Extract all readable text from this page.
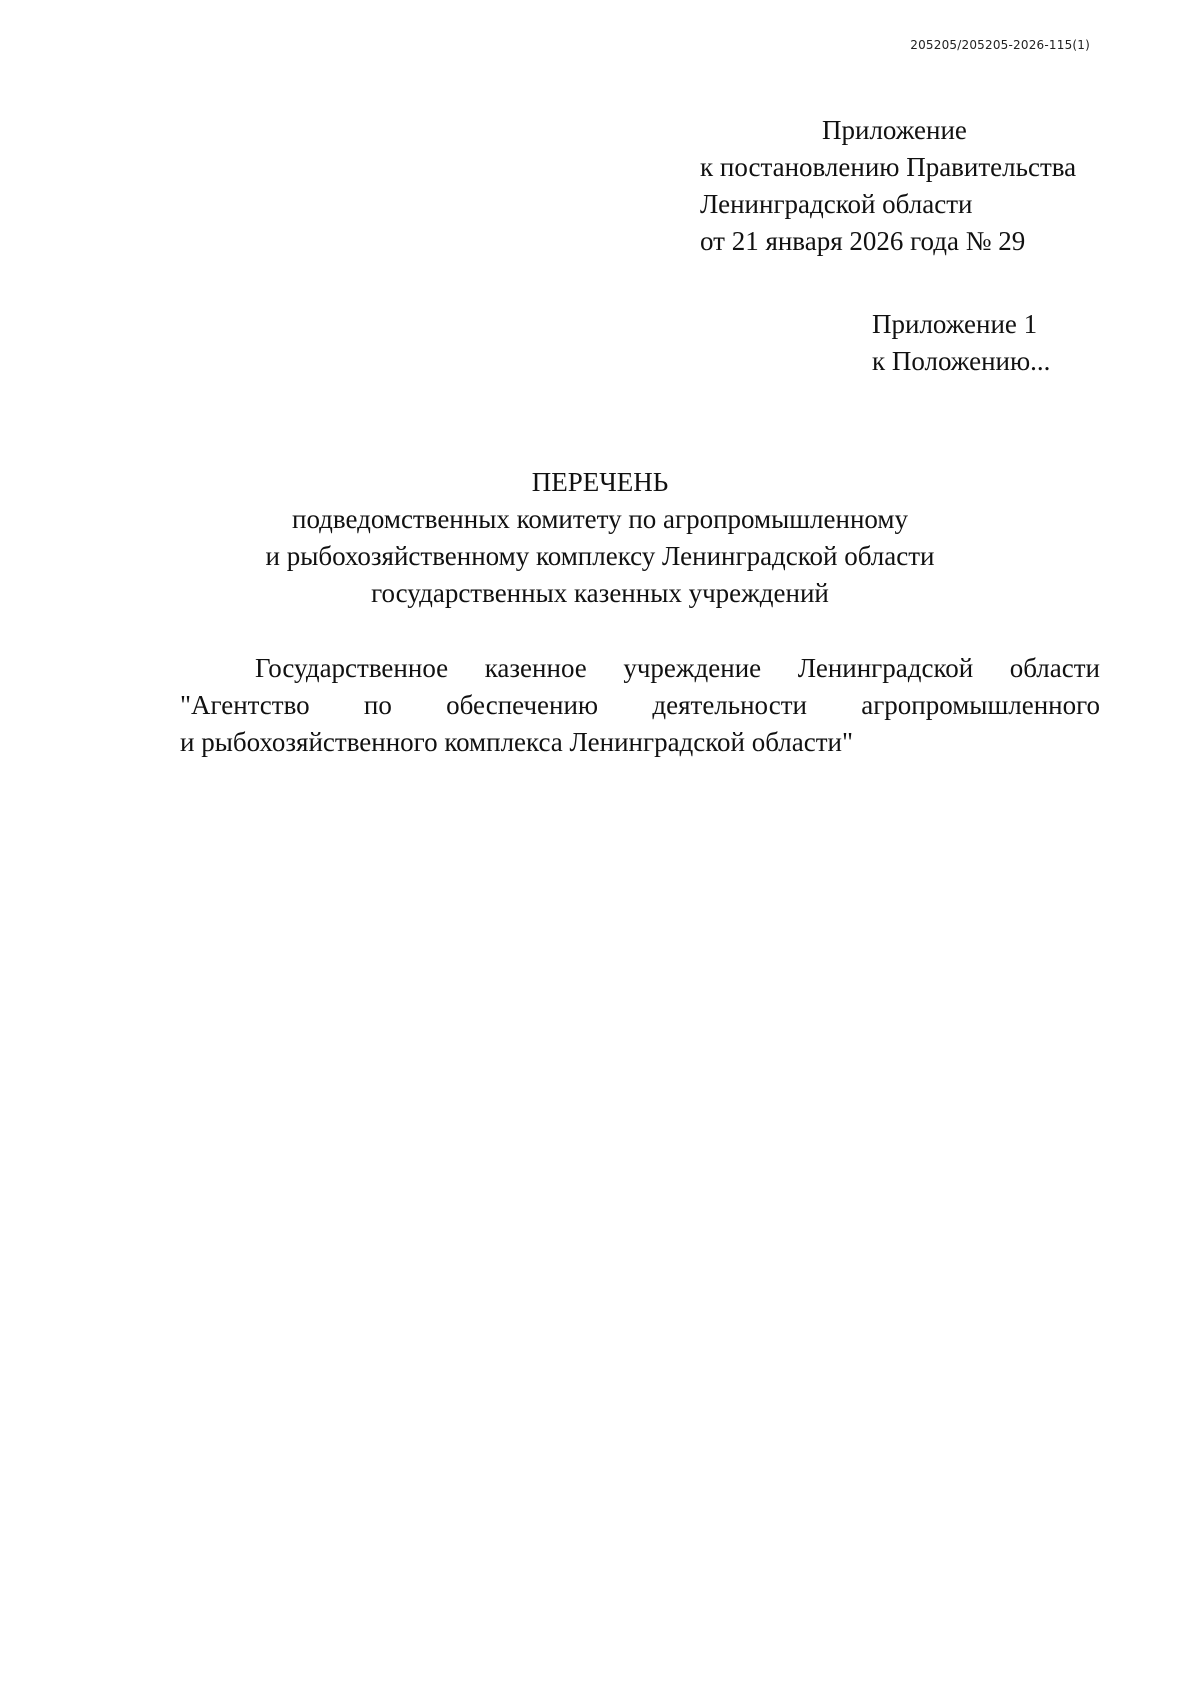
205205/205205-2026-115(1)
Приложение
к постановлению Правительства
Ленинградской области
от 21 января 2026 года № 29
Приложение 1
к Положению...
ПЕРЕЧЕНЬ
подведомственных комитету по агропромышленному
и рыбохозяйственному комплексу Ленинградской области
государственных казенных учреждений
Государственное казенное учреждение Ленинградской области
"Агентство по обеспечению деятельности агропромышленного
и рыбохозяйственного комплекса Ленинградской области"
